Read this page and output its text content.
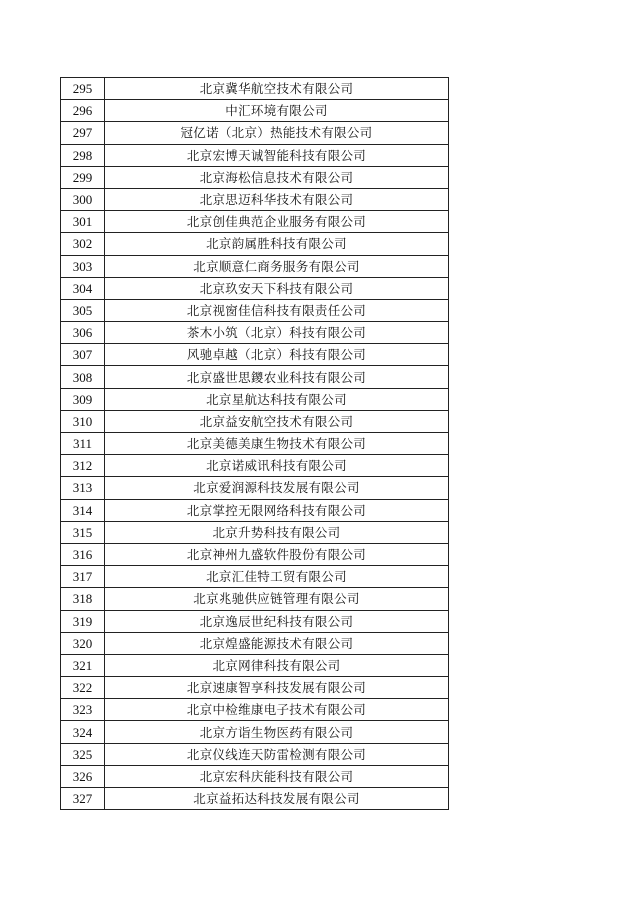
295	北京冀华航空技术有限公司
296	中汇环境有限公司
297	冠亿诺（北京）热能技术有限公司
298	北京宏博天诚智能科技有限公司
299	北京海松信息技术有限公司
300	北京思迈科华技术有限公司
301	北京创佳典范企业服务有限公司
302	北京韵属胜科技有限公司
303	北京顺意仁商务服务有限公司
304	北京玖安天下科技有限公司
305	北京视窗佳信科技有限责任公司
306	茶木小筑（北京）科技有限公司
307	风驰卓越（北京）科技有限公司
308	北京盛世思鑁农业科技有限公司
309	北京星航达科技有限公司
310	北京益安航空技术有限公司
311	北京美德美康生物技术有限公司
312	北京诺威讯科技有限公司
313	北京爱润源科技发展有限公司
314	北京掌控无限网络科技有限公司
315	北京升势科技有限公司
316	北京神州九盛软件股份有限公司
317	北京汇佳特工贸有限公司
318	北京兆驰供应链管理有限公司
319	北京逸辰世纪科技有限公司
320	北京煌盛能源技术有限公司
321	北京网律科技有限公司
322	北京速康智享科技发展有限公司
323	北京中检维康电子技术有限公司
324	北京方诣生物医药有限公司
325	北京仪线连天防雷检测有限公司
326	北京宏科庆能科技有限公司
327	北京益拓达科技发展有限公司
